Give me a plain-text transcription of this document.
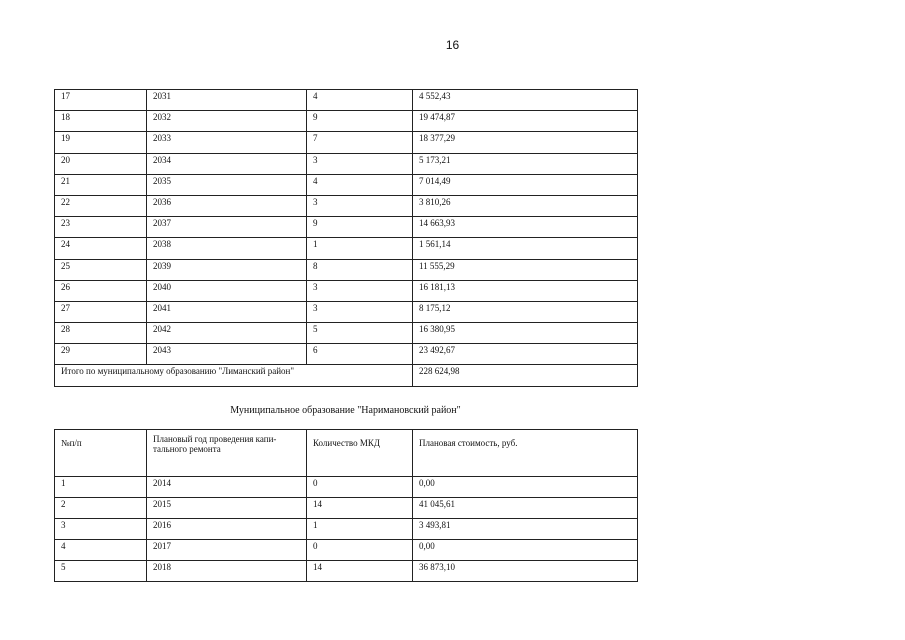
16
17	2031	4	4 552,43
18	2032	9	19 474,87
19	2033	7	18 377,29
20	2034	3	5 173,21
21	2035	4	7 014,49
22	2036	3	3 810,26
23	2037	9	14 663,93
24	2038	1	1 561,14
25	2039	8	11 555,29
26	2040	3	16 181,13
27	2041	3	8 175,12
28	2042	5	16 380,95
29	2043	6	23 492,67
Итого по муниципальному образованию "Лиманский район"			228 624,98
Муниципальное образование "Наримановский район"
№п/п	Плановый год проведения капи-тального ремонта	Количество МКД	Плановая стоимость, руб.
1	2014	0	0,00
2	2015	14	41 045,61
3	2016	1	3 493,81
4	2017	0	0,00
5	2018	14	36 873,10
